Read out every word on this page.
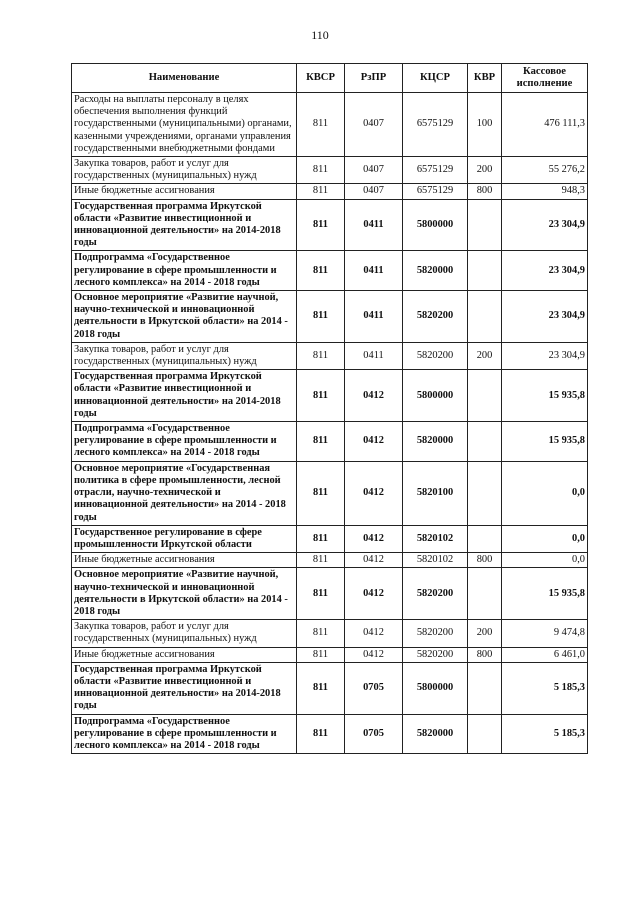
110
Наименование	КВСР	РзПР	КЦСР	КВР	Кассовое исполнение
Расходы на выплаты персоналу в целях обеспечения выполнения функций государственными (муниципальными) органами, казенными учреждениями, органами управления государственными внебюджетными фондами	811	0407	6575129	100	476 111,3
Закупка товаров, работ и услуг для государственных (муниципальных) нужд	811	0407	6575129	200	55 276,2
Иные бюджетные ассигнования	811	0407	6575129	800	948,3
Государственная программа Иркутской области «Развитие инвестиционной и инновационной деятельности» на 2014-2018 годы	811	0411	5800000		23 304,9
Подпрограмма «Государственное регулирование в сфере промышленности и лесного комплекса» на 2014 - 2018 годы	811	0411	5820000		23 304,9
Основное мероприятие «Развитие научной, научно-технической и инновационной деятельности в Иркутской области» на 2014 - 2018 годы	811	0411	5820200		23 304,9
Закупка товаров, работ и услуг для государственных (муниципальных) нужд	811	0411	5820200	200	23 304,9
Государственная программа Иркутской области «Развитие инвестиционной и инновационной деятельности» на 2014-2018 годы	811	0412	5800000		15 935,8
Подпрограмма «Государственное регулирование в сфере промышленности и лесного комплекса» на 2014 - 2018 годы	811	0412	5820000		15 935,8
Основное мероприятие «Государственная политика в сфере промышленности, лесной отрасли, научно-технической и инновационной деятельности» на 2014 - 2018 годы	811	0412	5820100		0,0
Государственное регулирование в сфере промышленности Иркутской области	811	0412	5820102		0,0
Иные бюджетные ассигнования	811	0412	5820102	800	0,0
Основное мероприятие «Развитие научной, научно-технической и инновационной деятельности в Иркутской области» на 2014 - 2018 годы	811	0412	5820200		15 935,8
Закупка товаров, работ и услуг для государственных (муниципальных) нужд	811	0412	5820200	200	9 474,8
Иные бюджетные ассигнования	811	0412	5820200	800	6 461,0
Государственная программа Иркутской области «Развитие инвестиционной и инновационной деятельности» на 2014-2018 годы	811	0705	5800000		5 185,3
Подпрограмма «Государственное регулирование в сфере промышленности и лесного комплекса» на 2014 - 2018 годы	811	0705	5820000		5 185,3
